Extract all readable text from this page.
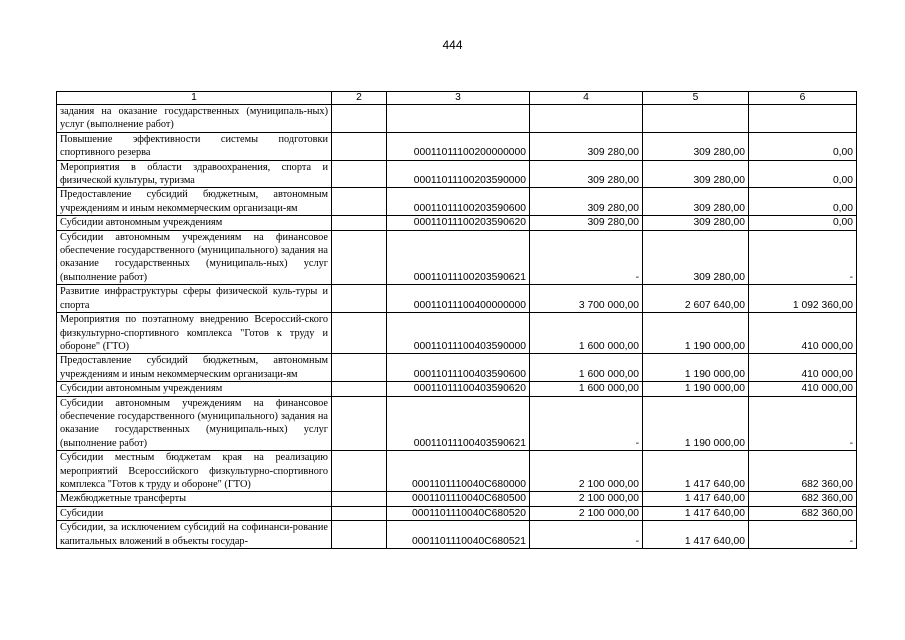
444
1	2	3	4	5	6
задания на оказание государственных (муниципаль-ных) услуг (выполнение работ)					
Повышение эффективности системы подготовки спортивного резерва		00011011100200000000	309 280,00	309 280,00	0,00
Мероприятия в области здравоохранения, спорта и физической культуры, туризма		00011011100203590000	309 280,00	309 280,00	0,00
Предоставление субсидий бюджетным, автономным учреждениям и иным некоммерческим организаци-ям		00011011100203590600	309 280,00	309 280,00	0,00
Субсидии автономным учреждениям		00011011100203590620	309 280,00	309 280,00	0,00
Субсидии автономным учреждениям на финансовое обеспечение государственного (муниципального) задания на оказание государственных (муниципаль-ных) услуг (выполнение работ)		00011011100203590621	-	309 280,00	-
Развитие инфраструктуры сферы физической куль-туры и спорта		00011011100400000000	3 700 000,00	2 607 640,00	1 092 360,00
Мероприятия по поэтапному внедрению Всероссий-ского физкультурно-спортивного комплекса "Готов к труду и обороне" (ГТО)		00011011100403590000	1 600 000,00	1 190 000,00	410 000,00
Предоставление субсидий бюджетным, автономным учреждениям и иным некоммерческим организаци-ям		00011011100403590600	1 600 000,00	1 190 000,00	410 000,00
Субсидии автономным учреждениям		00011011100403590620	1 600 000,00	1 190 000,00	410 000,00
Субсидии автономным учреждениям на финансовое обеспечение государственного (муниципального) задания на оказание государственных (муниципаль-ных) услуг (выполнение работ)		00011011100403590621	-	1 190 000,00	-
Субсидии местным бюджетам края на реализацию мероприятий Всероссийского физкультурно-спортивного комплекса "Готов к труду и обороне" (ГТО)		0001101110040C680000	2 100 000,00	1 417 640,00	682 360,00
Межбюджетные трансферты		0001101110040C680500	2 100 000,00	1 417 640,00	682 360,00
Субсидии		0001101110040C680520	2 100 000,00	1 417 640,00	682 360,00
Субсидии, за исключением субсидий на софинанси-рование капитальных вложений в объекты государ-		0001101110040C680521	-	1 417 640,00	-
